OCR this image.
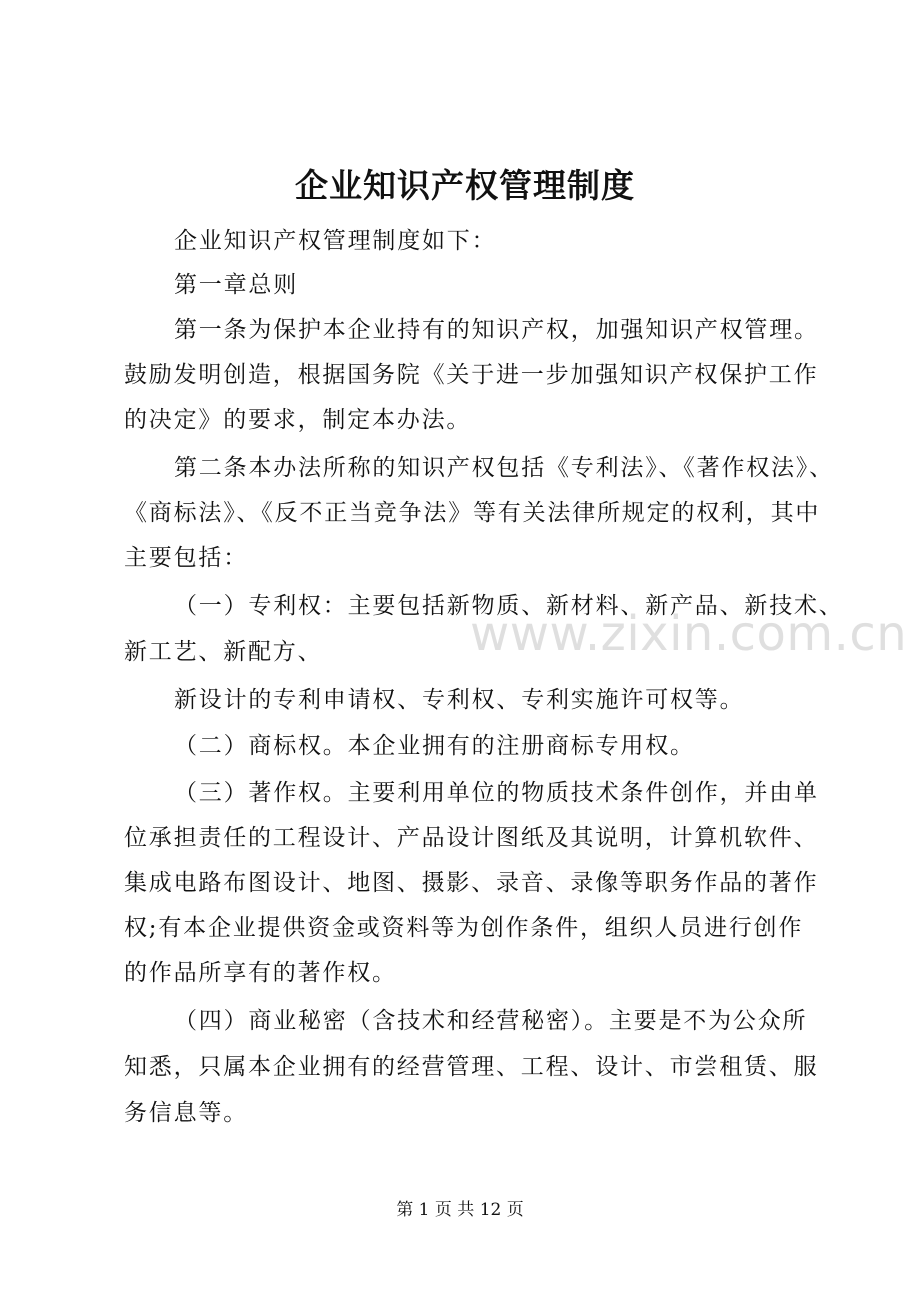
企业知识产权管理制度
企业知识产权管理制度如下：
第一章总则
第一条为保护本企业持有的知识产权，加强知识产权管理。
鼓励发明创造，根据国务院《关于进一步加强知识产权保护工作
的决定》的要求，制定本办法。
第二条本办法所称的知识产权包括《专利法》、《著作权法》、
《商标法》、《反不正当竞争法》等有关法律所规定的权利，其中
主要包括：
（一）专利权：主要包括新物质、新材料、新产品、新技术、
新工艺、新配方、
新设计的专利申请权、专利权、专利实施许可权等。
（二）商标权。本企业拥有的注册商标专用权。
（三）著作权。主要利用单位的物质技术条件创作，并由单
位承担责任的工程设计、产品设计图纸及其说明，计算机软件、
集成电路布图设计、地图、摄影、录音、录像等职务作品的著作
权;有本企业提供资金或资料等为创作条件，组织人员进行创作
的作品所享有的著作权。
（四）商业秘密（含技术和经营秘密）。主要是不为公众所
知悉，只属本企业拥有的经营管理、工程、设计、市尝租赁、服
务信息等。
www.zixin.com.cn
第 1 页 共 12 页
